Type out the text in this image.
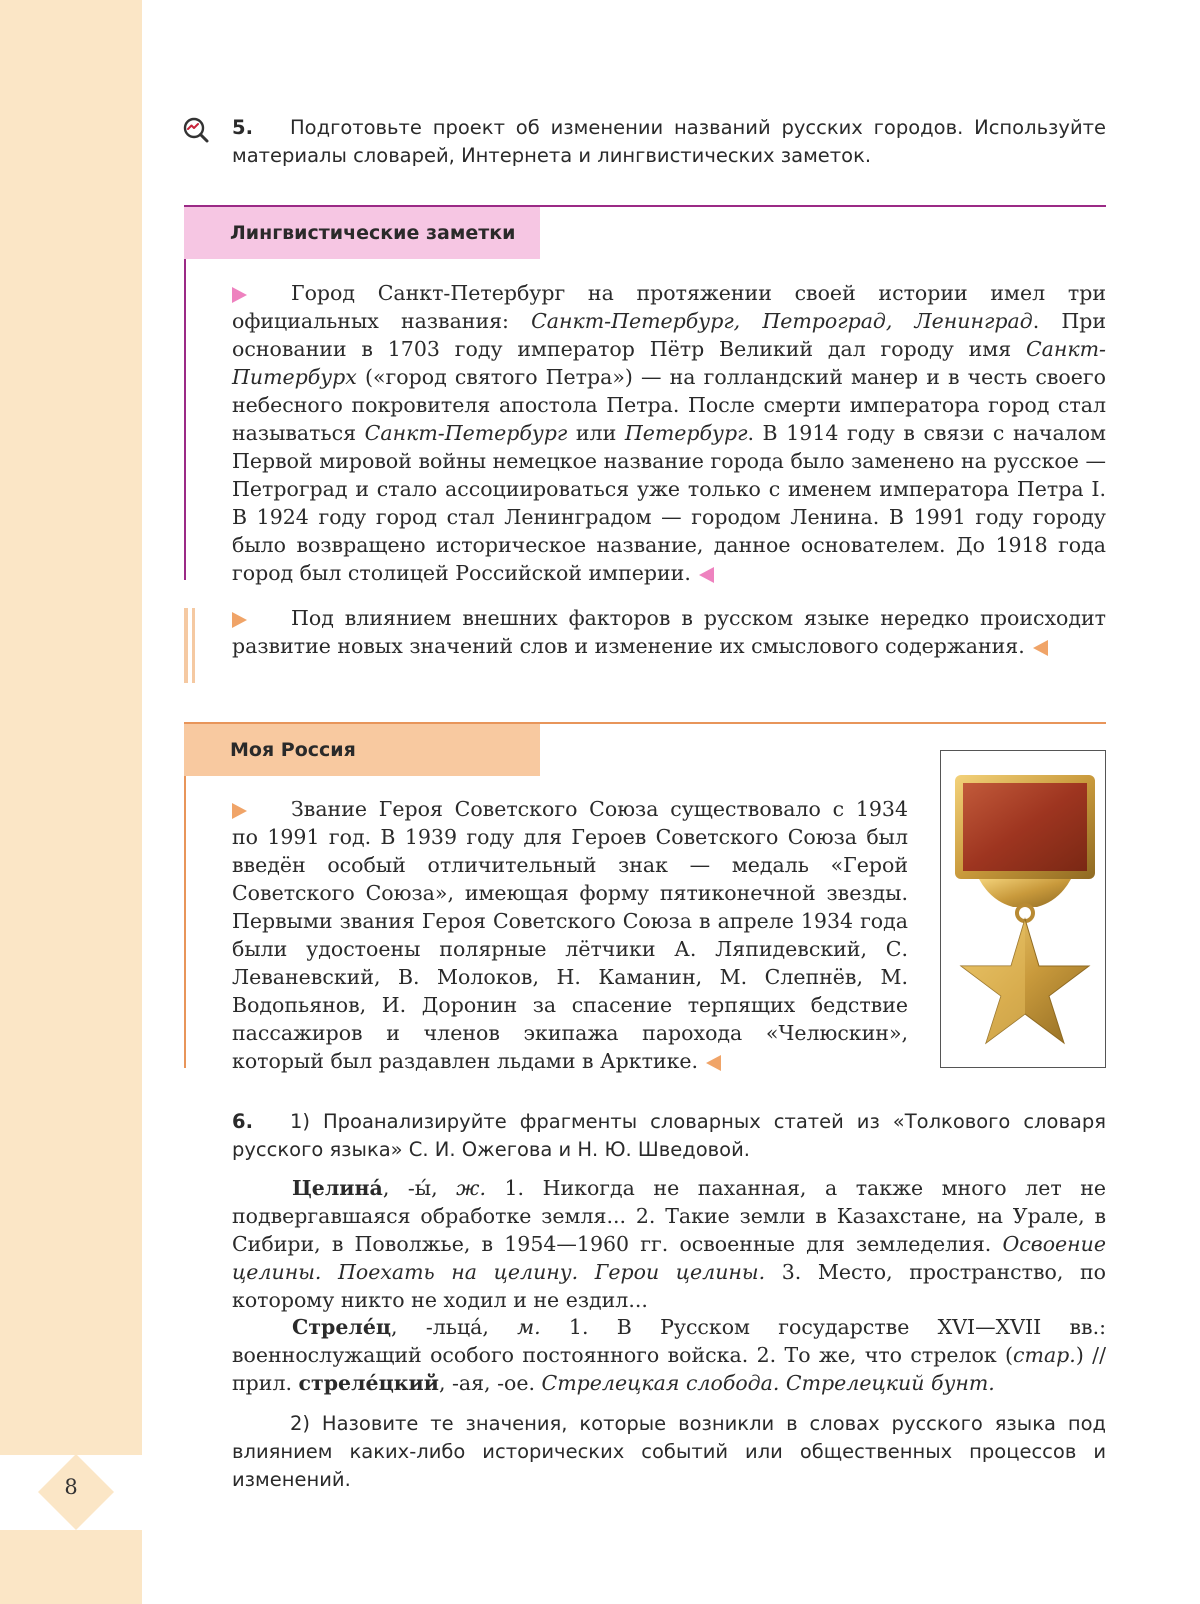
8
5. Подготовьте проект об изменении названий русских городов. Используйте материалы словарей, Интернета и лингвистических заметок.
Лингвистические заметки
Город Санкт-Петербург на протяжении своей истории имел три официальных названия: Санкт-Петербург, Петроград, Ленинград. При основании в 1703 году император Пётр Великий дал городу имя Санкт-Питербурх («город святого Петра») — на голландский манер и в честь своего небесного покровителя апостола Петра. После смерти императора город стал называться Санкт-Петербург или Петербург. В 1914 году в связи с началом Первой мировой войны немецкое название города было заменено на русское — Петроград и стало ассоциироваться уже только с именем императора Петра I. В 1924 году город стал Ленинградом — городом Ленина. В 1991 году городу было возвращено историческое название, данное основателем. До 1918 года город был столицей Российской империи.
Под влиянием внешних факторов в русском языке нередко происходит развитие новых значений слов и изменение их смыслового содержания.
Моя Россия
Звание Героя Советского Союза существовало с 1934 по 1991 год. В 1939 году для Героев Советского Союза был введён особый отличительный знак — медаль «Герой Советского Союза», имеющая форму пятиконечной звезды. Первыми звания Героя Советского Союза в апреле 1934 года были удостоены полярные лётчики А. Ляпидевский, С. Леваневский, В. Молоков, Н. Каманин, М. Слепнёв, М. Водопьянов, И. Доронин за спасение терпящих бедствие пассажиров и членов экипажа парохода «Челюскин», который был раздавлен льдами в Арктике.
6. 1) Проанализируйте фрагменты словарных статей из «Толкового словаря русского языка» С. И. Ожегова и Н. Ю. Шведовой.
Целина́, -ы́, ж. 1. Никогда не паханная, а также много лет не подвергавшаяся обработке земля... 2. Такие земли в Казахстане, на Урале, в Сибири, в Поволжье, в 1954—1960 гг. освоенные для земледелия. Освоение целины. Поехать на целину. Герои целины. 3. Место, пространство, по которому никто не ходил и не ездил...
Стреле́ц, -льца́, м. 1. В Русском государстве XVI—XVII вв.: военнослужащий особого постоянного войска. 2. То же, что стрелок (стар.) // прил. стреле́цкий, -ая, -ое. Стрелецкая слобода. Стрелецкий бунт.
2) Назовите те значения, которые возникли в словах русского языка под влиянием каких-либо исторических событий или общественных процессов и изменений.
